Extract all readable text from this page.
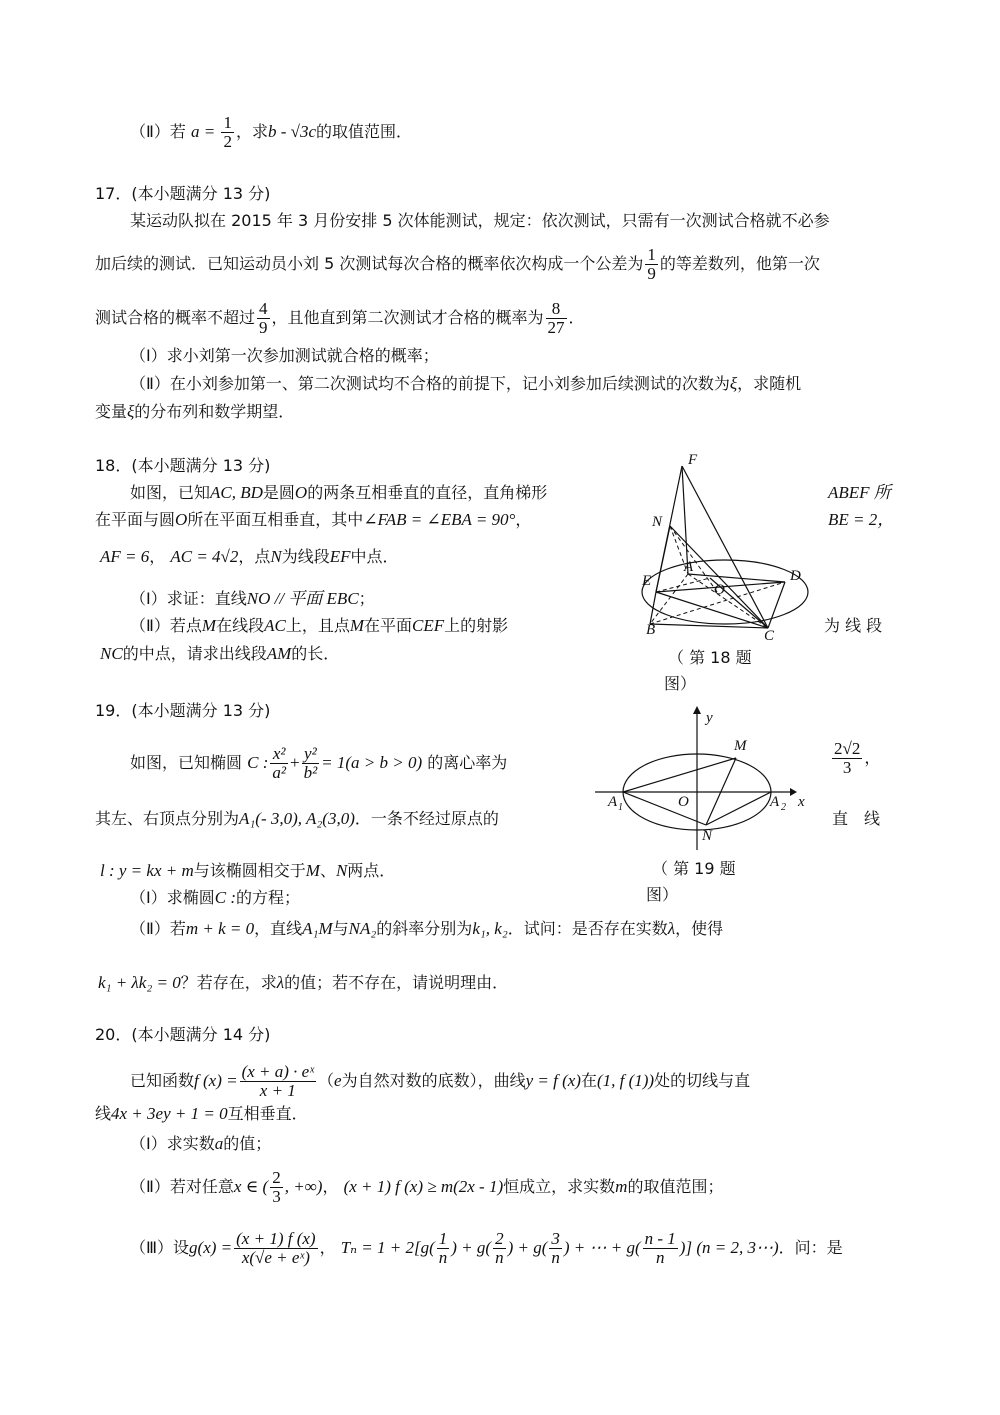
（Ⅱ）若 $a = \frac{1}{2}$ ，求b - √3c的取值范围．
17．(本小题满分 13 分)
某运动队拟在 2015 年 3 月份安排 5 次体能测试，规定：依次测试，只需有一次测试合格就不必参
加后续的测试．已知运动员小刘 5 次测试每次合格的概率依次构成一个公差为 $\frac{1}{9}$ 的等差数列，他第一次
测试合格的概率不超过 $\frac{4}{9}$ ，且他直到第二次测试才合格的概率为 $\frac{8}{27}$ ．
（Ⅰ）求小刘第一次参加测试就合格的概率；
（Ⅱ）在小刘参加第一、第二次测试均不合格的前提下，记小刘参加后续测试的次数为ξ，求随机
变量ξ的分布列和数学期望．
18．(本小题满分 13 分)
如图，已知AC, BD是圆O的两条互相垂直的直径，直角梯形	ABEF 所
在平面与圆O所在平面互相垂直，其中∠FAB = ∠EBA = 90°，	BE = 2，
AF = 6， AC = 4√2，点N为线段EF中点．
（Ⅰ）求证：直线NO // 平面 EBC；
（Ⅱ）若点M在线段AC上，且点M在平面CEF上的射影	为 线 段
NC的中点，请求出线段AM的长．
F
N
A
O
D
E
B	C
（ 第 18 题
图）
19．(本小题满分 13 分)
如图，已知椭圆 C : $\frac{\text{x²}}{\text{a²}} + \frac{\text{y²}}{\text{b²}} = 1(a > b > 0)$ 的离心率为	$\frac{2√2}{3}$ ，
其左、右顶点分别为A₁(- 3,0), A₂(3,0)．一条不经过原点的	直　线
l : y = kx + m与该椭圆相交于M、N两点．
（Ⅰ）求椭圆C :的方程；
（Ⅱ）若m + k = 0，直线A₁M与NA₂的斜率分别为k₁, k₂．试问：是否存在实数λ，使得
k₁ + λk₂ = 0？若存在，求λ的值；若不存在，请说明理由．
y
M
A 1	O	A 2 x
N
（ 第 19 题
图）
20．(本小题满分 14 分)
已知函数f $(x) = \frac{\text{(x + a) · eˣ}}{x + 1} (e$为自然对数的底数），曲线y = f (x)在(1, f (1))处的切线与直
线4x + 3ey + 1 = 0互相垂直．
（Ⅰ）求实数a的值；
（Ⅱ）若对任意x ∈ ( $\frac{2}{3}$ , +∞)， (x + 1) f (x) ≥ m(2x - 1)恒成立，求实数m的取值范围；
（Ⅲ）设$g(x) = \frac{(x + 1) f (x)}{\text{x(√e + eˣ)}}$ ， $T_n = 1 + 2[g( \frac{1}{n}$ ) + $g( \frac{2}{n}$ ) + $g( \frac{3}{n}$ ) + ⋯ + $g( \frac{n - 1}{n}$ )] (n = 2, 3⋯)．问：是
